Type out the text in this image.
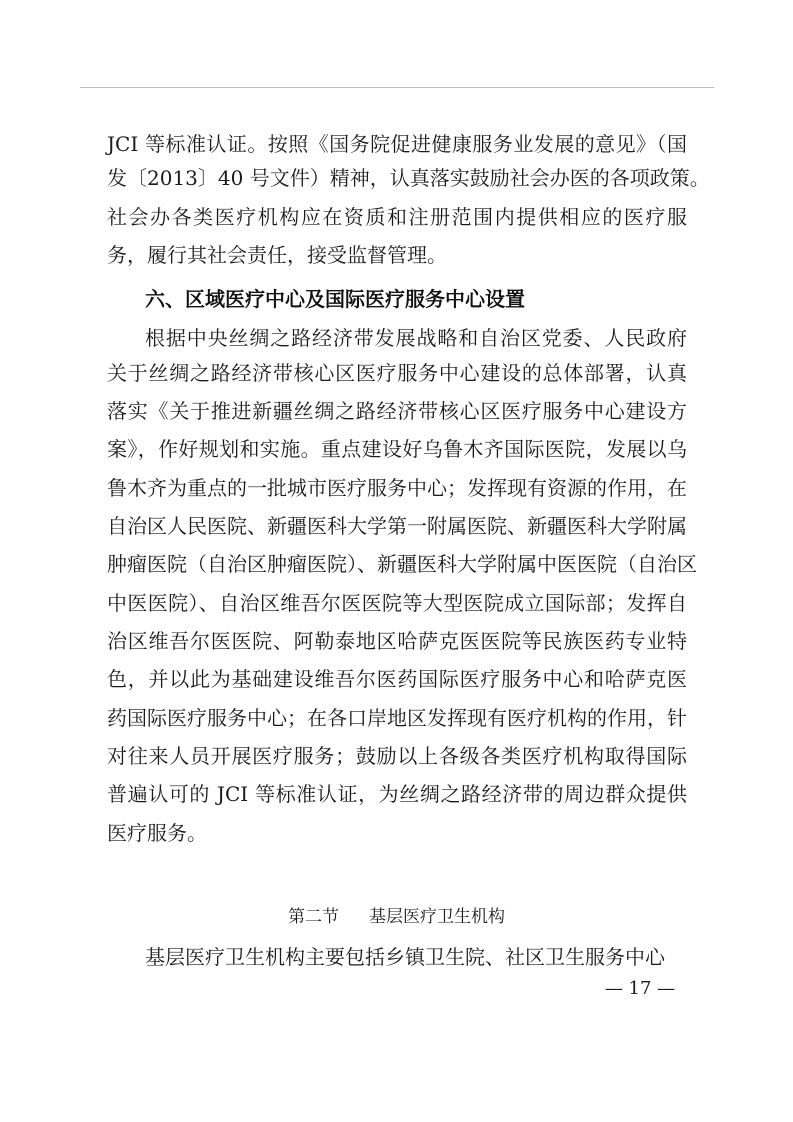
JCI 等标准认证。按照《国务院促进健康服务业发展的意见》（国
发〔2013〕40 号文件）精神，认真落实鼓励社会办医的各项政策。
社会办各类医疗机构应在资质和注册范围内提供相应的医疗服
务，履行其社会责任，接受监督管理。
六、区域医疗中心及国际医疗服务中心设置
根据中央丝绸之路经济带发展战略和自治区党委、人民政府
关于丝绸之路经济带核心区医疗服务中心建设的总体部署，认真
落实《关于推进新疆丝绸之路经济带核心区医疗服务中心建设方
案》，作好规划和实施。重点建设好乌鲁木齐国际医院，发展以乌
鲁木齐为重点的一批城市医疗服务中心；发挥现有资源的作用，在
自治区人民医院、新疆医科大学第一附属医院、新疆医科大学附属
肿瘤医院（自治区肿瘤医院）、新疆医科大学附属中医医院（自治区
中医医院）、自治区维吾尔医医院等大型医院成立国际部；发挥自
治区维吾尔医医院、阿勒泰地区哈萨克医医院等民族医药专业特
色，并以此为基础建设维吾尔医药国际医疗服务中心和哈萨克医
药国际医疗服务中心；在各口岸地区发挥现有医疗机构的作用，针
对往来人员开展医疗服务；鼓励以上各级各类医疗机构取得国际
普遍认可的 JCI 等标准认证，为丝绸之路经济带的周边群众提供
医疗服务。
第二节 基层医疗卫生机构
基层医疗卫生机构主要包括乡镇卫生院、社区卫生服务中心
— 17 —
